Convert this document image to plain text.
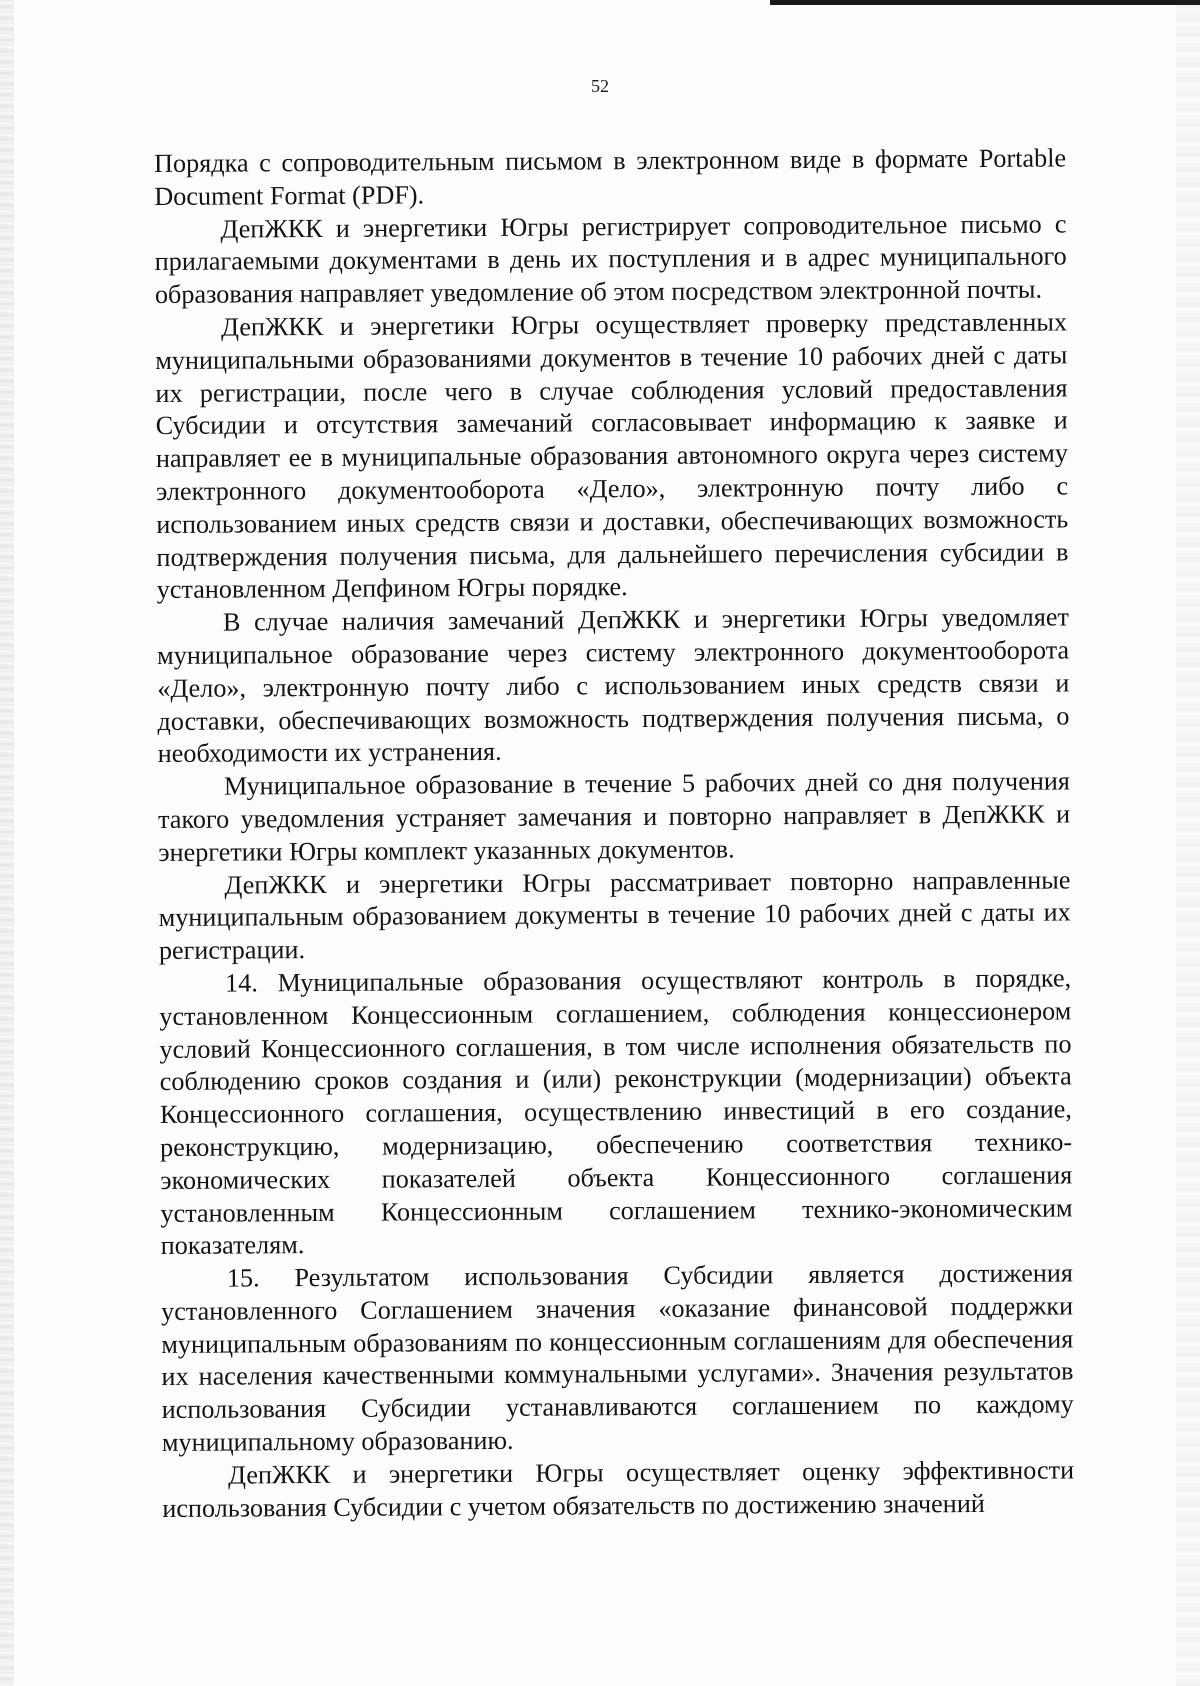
52

Порядка с сопроводительным письмом в электронном виде в формате Portable Document Format (PDF).

ДепЖКК и энергетики Югры регистрирует сопроводительное письмо с прилагаемыми документами в день их поступления и в адрес муниципального образования направляет уведомление об этом посредством электронной почты.

ДепЖКК и энергетики Югры осуществляет проверку представленных муниципальными образованиями документов в течение 10 рабочих дней с даты их регистрации, после чего в случае соблюдения условий предоставления Субсидии и отсутствия замечаний согласовывает информацию к заявке и направляет ее в муниципальные образования автономного округа через систему электронного документооборота «Дело», электронную почту либо с использованием иных средств связи и доставки, обеспечивающих возможность подтверждения получения письма, для дальнейшего перечисления субсидии в установленном Депфином Югры порядке.

В случае наличия замечаний ДепЖКК и энергетики Югры уведомляет муниципальное образование через систему электронного документооборота «Дело», электронную почту либо с использованием иных средств связи и доставки, обеспечивающих возможность подтверждения получения письма, о необходимости их устранения.

Муниципальное образование в течение 5 рабочих дней со дня получения такого уведомления устраняет замечания и повторно направляет в ДепЖКК и энергетики Югры комплект указанных документов.

ДепЖКК и энергетики Югры рассматривает повторно направленные муниципальным образованием документы в течение 10 рабочих дней с даты их регистрации.

14. Муниципальные образования осуществляют контроль в порядке, установленном Концессионным соглашением, соблюдения концессионером условий Концессионного соглашения, в том числе исполнения обязательств по соблюдению сроков создания и (или) реконструкции (модернизации) объекта Концессионного соглашения, осуществлению инвестиций в его создание, реконструкцию, модернизацию, обеспечению соответствия технико-экономических показателей объекта Концессионного соглашения установленным Концессионным соглашением технико-экономическим показателям.

15. Результатом использования Субсидии является достижения установленного Соглашением значения «оказание финансовой поддержки муниципальным образованиям по концессионным соглашениям для обеспечения их населения качественными коммунальными услугами». Значения результатов использования Субсидии устанавливаются соглашением по каждому муниципальному образованию.

ДепЖКК и энергетики Югры осуществляет оценку эффективности использования Субсидии с учетом обязательств по достижению значений
